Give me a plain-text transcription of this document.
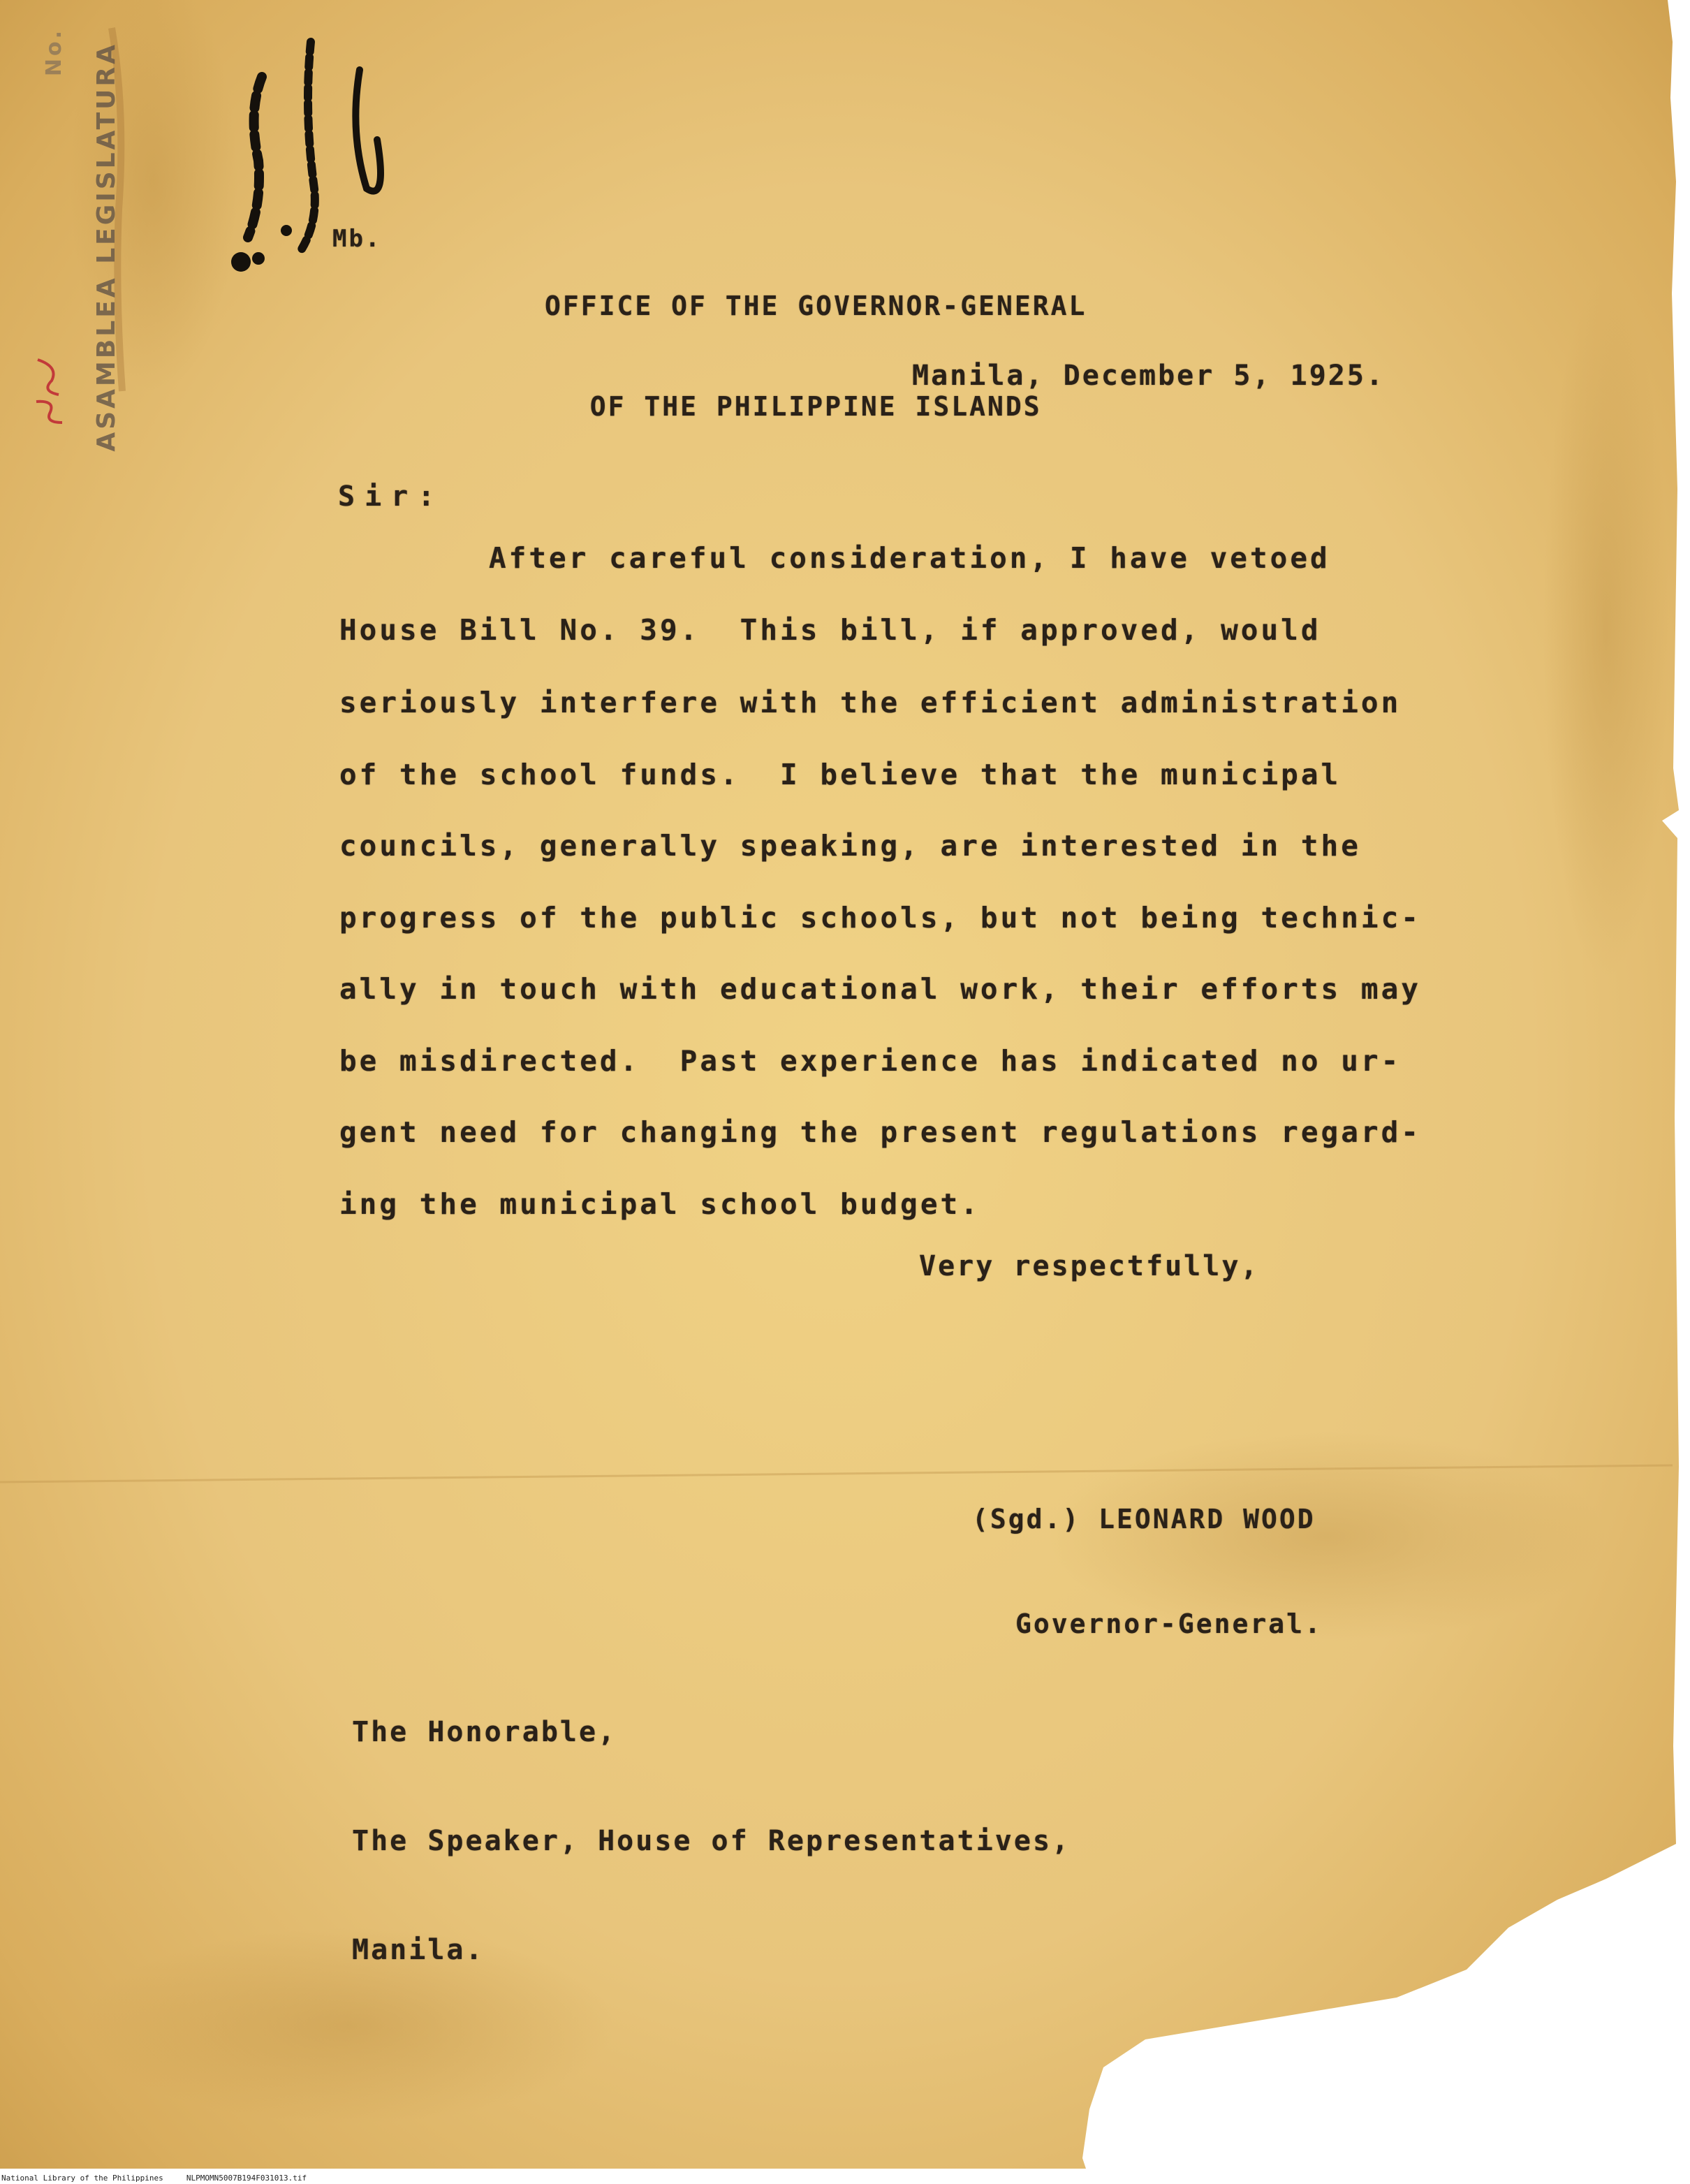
ASAMBLEA LEGISLATURA
No.
Mb.

OFFICE OF THE GOVERNOR-GENERAL

OF THE PHILIPPINE ISLANDS

Manila, December 5, 1925.
Sir:
After careful consideration, I have vetoed
House Bill No. 39.  This bill, if approved, would
seriously interfere with the efficient administration
of the school funds.  I believe that the municipal
councils, generally speaking, are interested in the
progress of the public schools, but not being technic-
ally in touch with educational work, their efforts may
be misdirected.  Past experience has indicated no ur-
gent need for changing the present regulations regard-
ing the municipal school budget.
Very respectfully,

(Sgd.) LEONARD WOOD

Governor-General.

The Honorable,

The Speaker, House of Representatives,

Manila.

National Library of the Philippines     NLPMOMN5007B194F031013.tif
